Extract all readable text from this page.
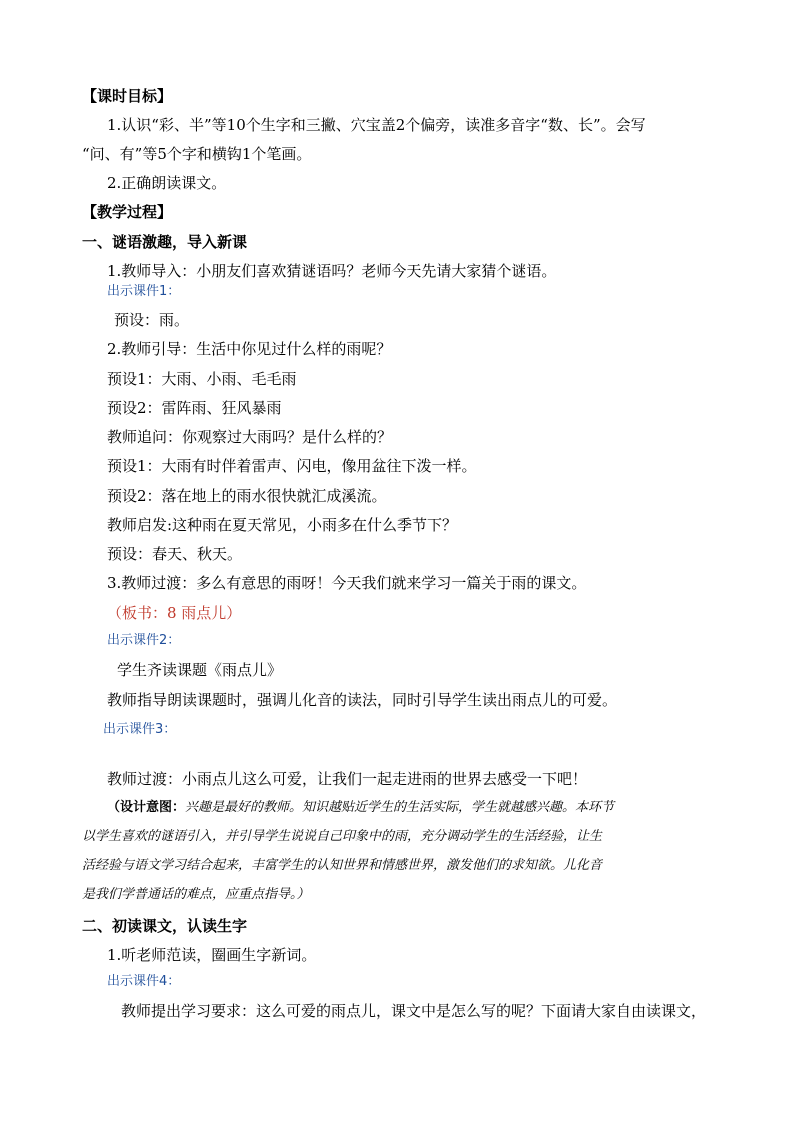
【课时目标】
1.认识“彩、半”等10个生字和三撇、穴宝盖2个偏旁，读准多音字“数、长”。会写
“问、有”等5个字和横钩1个笔画。
2.正确朗读课文。
【教学过程】
一、谜语激趣，导入新课
1.教师导入：小朋友们喜欢猜谜语吗？老师今天先请大家猜个谜语。
出示课件1：
预设：雨。
2.教师引导：生活中你见过什么样的雨呢？
预设1：大雨、小雨、毛毛雨
预设2：雷阵雨、狂风暴雨
教师追问：你观察过大雨吗？是什么样的？
预设1：大雨有时伴着雷声、闪电，像用盆往下泼一样。
预设2：落在地上的雨水很快就汇成溪流。
教师启发:这种雨在夏天常见，小雨多在什么季节下？
预设：春天、秋天。
3.教师过渡：多么有意思的雨呀！今天我们就来学习一篇关于雨的课文。
（板书：8 雨点儿）
出示课件2：
学生齐读课题《雨点儿》
教师指导朗读课题时，强调儿化音的读法，同时引导学生读出雨点儿的可爱。
出示课件3：
教师过渡：小雨点儿这么可爱，让我们一起走进雨的世界去感受一下吧！
（设计意图：兴趣是最好的教师。知识越贴近学生的生活实际，学生就越感兴趣。本环节
以学生喜欢的谜语引入，并引导学生说说自己印象中的雨，充分调动学生的生活经验，让生
活经验与语文学习结合起来，丰富学生的认知世界和情感世界，激发他们的求知欲。儿化音
是我们学普通话的难点，应重点指导。）
二、初读课文，认读生字
1.听老师范读，圈画生字新词。
出示课件4：
教师提出学习要求：这么可爱的雨点儿，课文中是怎么写的呢？下面请大家自由读课文，
